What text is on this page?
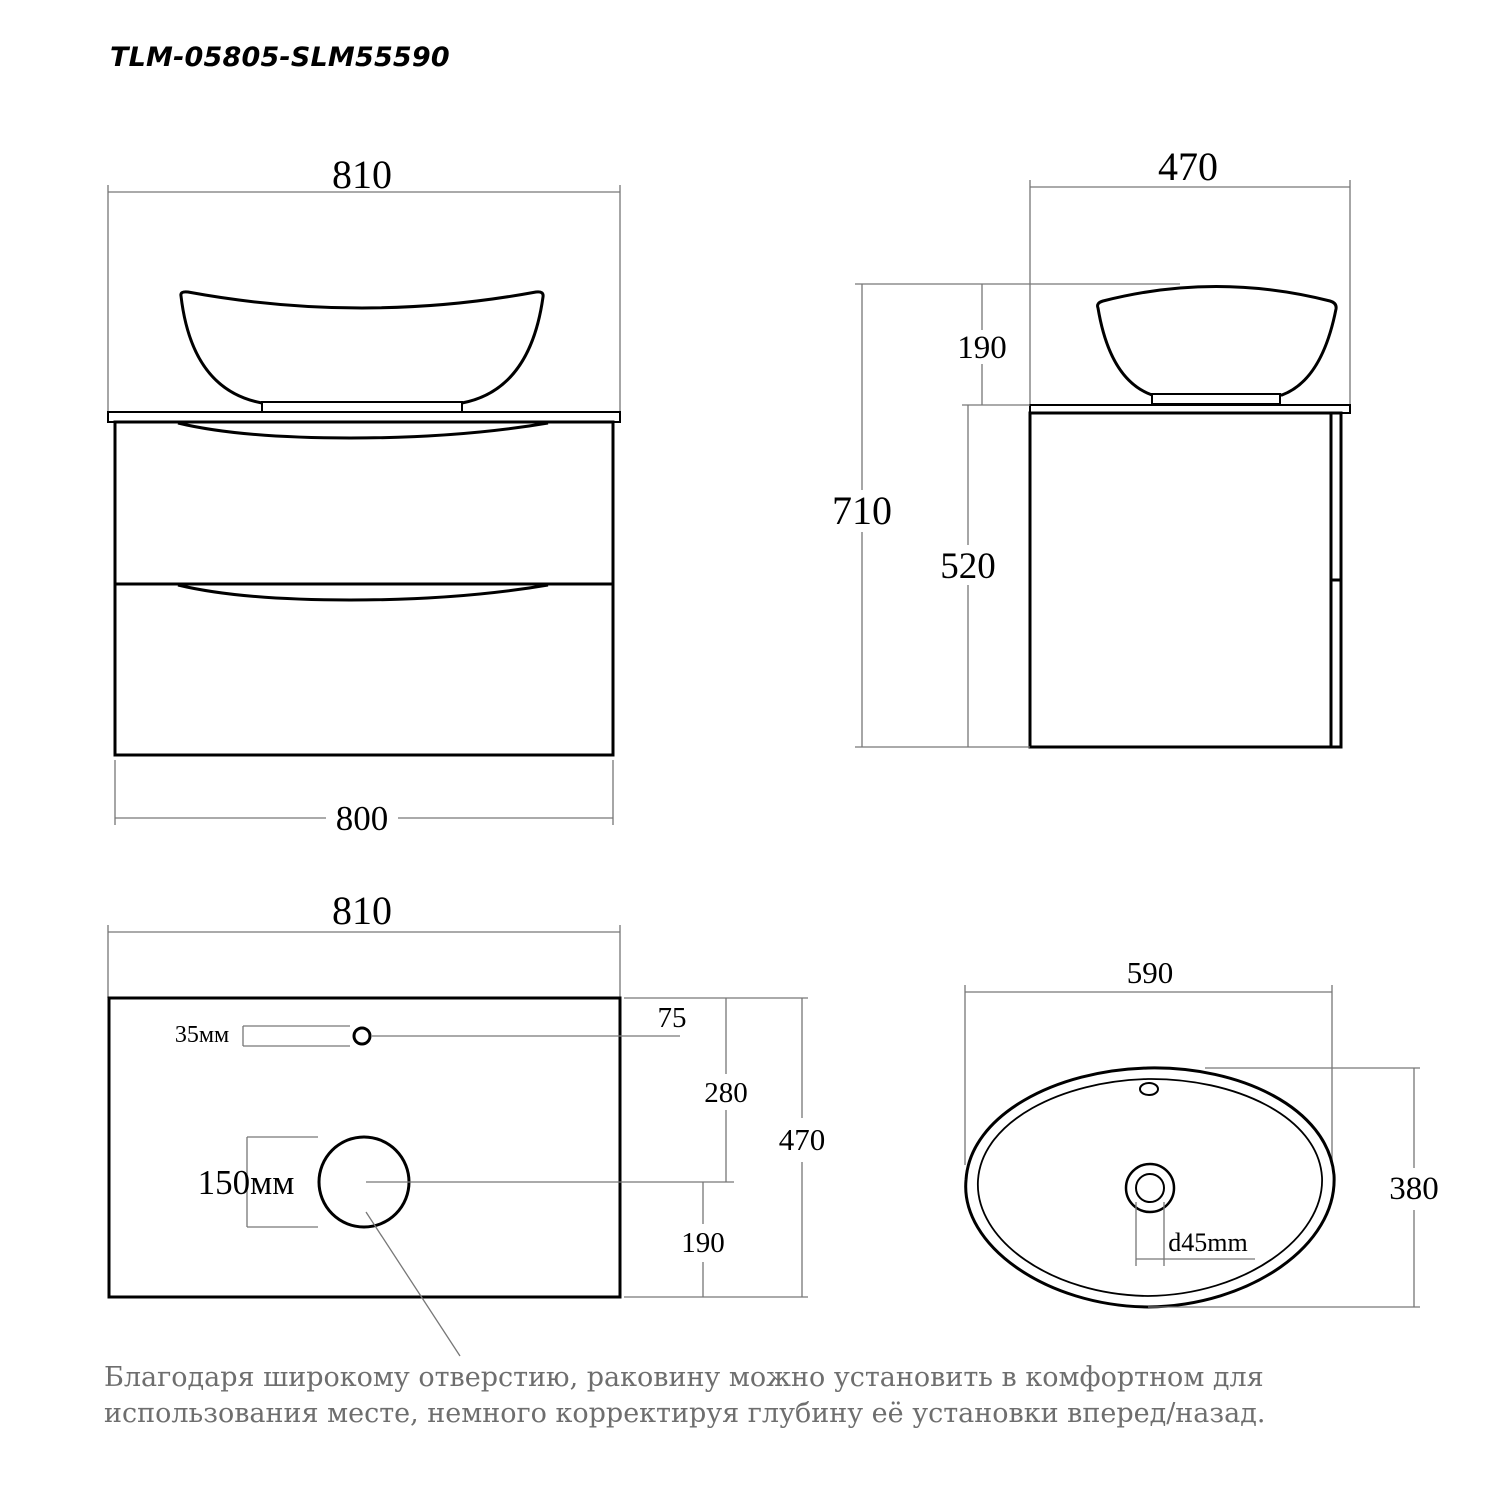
TLM-05805-SLM55590
810
800
470
710
190
520
810
35мм
75
150мм
280
190
470
590
d45mm
380
Благодаря широкому отверстию, раковину можно установить в комфортном для
использования месте, немного корректируя глубину её установки вперед/назад.
